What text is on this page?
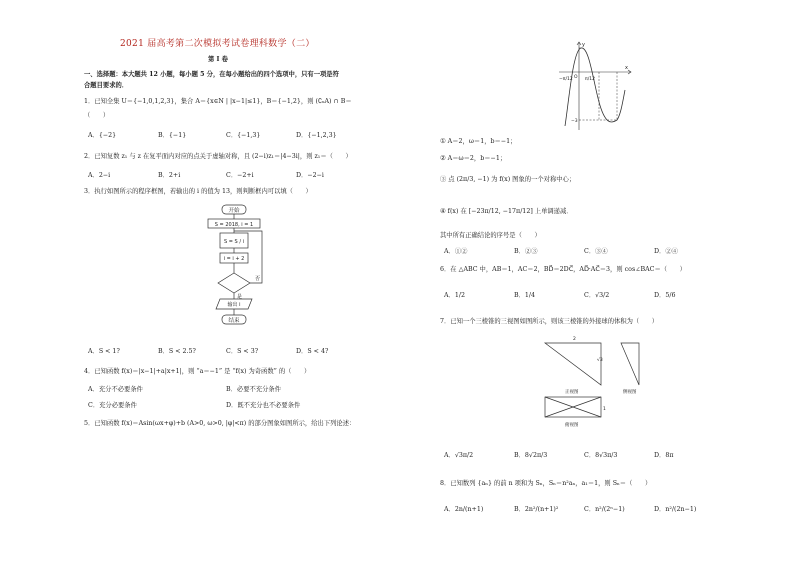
2021 届高考第二次模拟考试卷理科数学（二）
第 I 卷
一、选择题：本大题共 12 小题，每小题 5 分，在每小题给出的四个选项中，只有一项是符
合题目要求的．
1．已知全集 U＝{−1,0,1,2,3}，集合 A＝{x∈N | |x−1|≤1}，B＝{−1,2}，则 (∁ᵤA) ∩ B＝
（　　）
A．{−2}	B．{−1}	C．{−1,3}	D．{−1,2,3}
2．已知复数 z₁ 与 z 在复平面内对应的点关于虚轴对称，且 (2−i)z₁＝|4−3i|，则 z₁＝（　　）
A．2−i	B．2+i	C．−2+i	D．−2−i
3．执行如图所示的程序框图，若输出的 i 的值为 13，则判断框内可以填（　　）
开始
S = 2018, i = 1
S = S / i
i = i + 2
否
是
输出 i
结束
A．S < 1?	B．S < 2.5?	C．S < 3?	D．S < 4?
4．已知函数 f(x)＝|x−1|+a|x+1|，则 “a＝−1” 是 “f(x) 为奇函数” 的（　　）
A．充分不必要条件	B．必要不充分条件
C．充分必要条件	D．既不充分也不必要条件
5．已知函数 f(x)＝Asin(ωx+φ)+b (A>0, ω>0, |φ|<π) 的部分图象如图所示，给出下列论述：
y
x
O
−π/12	π/12
−3
① A＝2，ω＝1，b＝−1；
② A＝ω＝2，b＝−1；
③ 点 (2π/3, −1) 为 f(x) 图象的一个对称中心；
④ f(x) 在 [−23π/12, −17π/12] 上单调递减．
其中所有正确结论的序号是（　　）
A．①②	B．②③	C．③④	D．②④
6．在 △ABC 中，AB＝1，AC＝2，BD⃗＝2DC⃗，AD⃗·AC⃗＝3，则 cos∠BAC＝（　　）
A．1/2	B．1/4	C．√3/2	D．5/6
7．已知一个三棱锥的三视图如图所示，则该三棱锥的外接球的体积为（　　）
2
√3
1
正视图	侧视图
俯视图
A．√3π/2	B．8√2π/3	C．8√3π/3	D．8π
8．已知数列 {aₙ} 的前 n 项和为 Sₙ，Sₙ＝n²aₙ，a₁＝1，则 Sₙ＝（　　）
A．2n/(n+1)	B．2n²/(n+1)²	C．n²/(2ⁿ−1)	D．n²/(2n−1)
